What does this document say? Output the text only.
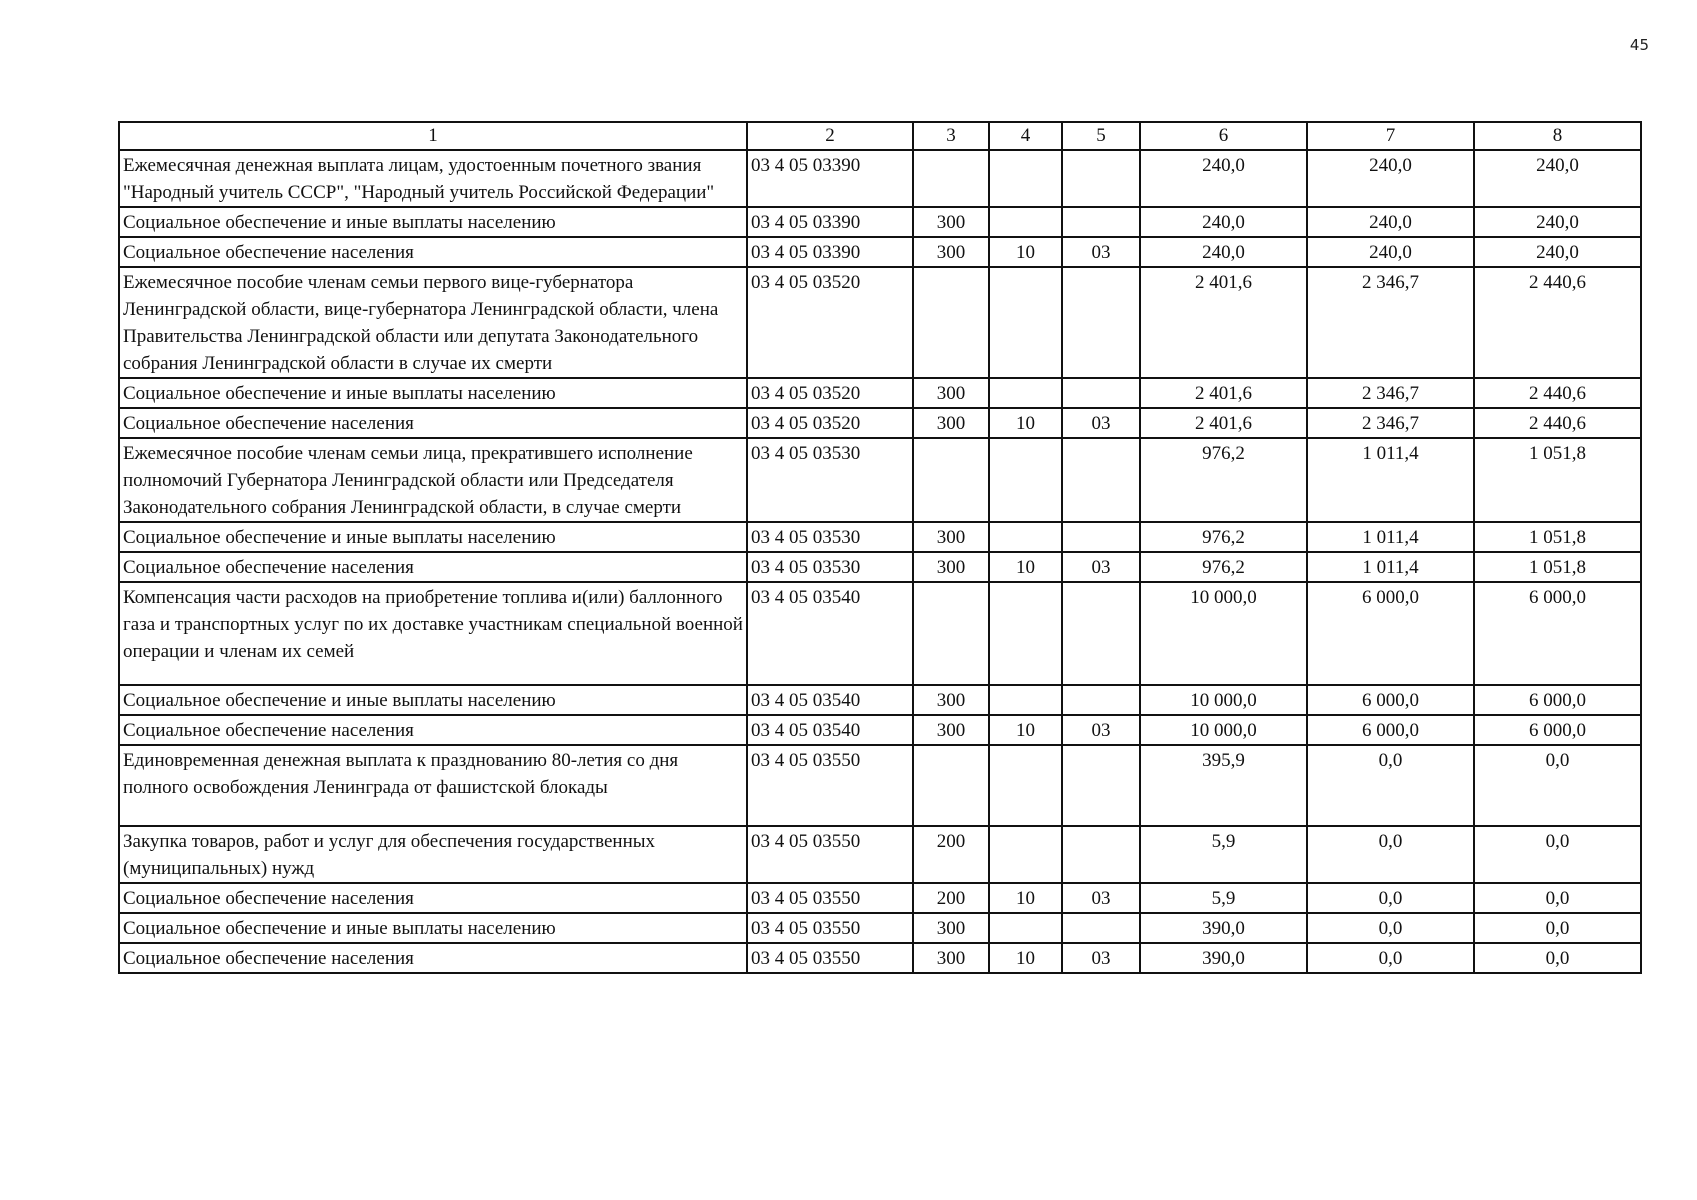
45
1	2	3	4	5	6	7	8
Ежемесячная денежная выплата лицам, удостоенным почетного звания "Народный учитель СССР", "Народный учитель Российской Федерации"	03 4 05 03390				240,0	240,0	240,0
Социальное обеспечение и иные выплаты населению	03 4 05 03390	300			240,0	240,0	240,0
Социальное обеспечение населения	03 4 05 03390	300	10	03	240,0	240,0	240,0
Ежемесячное пособие членам семьи первого вице-губернатора Ленинградской области, вице-губернатора Ленинградской области, члена Правительства Ленинградской области или депутата Законодательного собрания Ленинградской области в случае их смерти	03 4 05 03520				2 401,6	2 346,7	2 440,6
Социальное обеспечение и иные выплаты населению	03 4 05 03520	300			2 401,6	2 346,7	2 440,6
Социальное обеспечение населения	03 4 05 03520	300	10	03	2 401,6	2 346,7	2 440,6
Ежемесячное пособие членам семьи лица, прекратившего исполнение полномочий Губернатора Ленинградской области или Председателя Законодательного собрания Ленинградской области, в случае смерти	03 4 05 03530				976,2	1 011,4	1 051,8
Социальное обеспечение и иные выплаты населению	03 4 05 03530	300			976,2	1 011,4	1 051,8
Социальное обеспечение населения	03 4 05 03530	300	10	03	976,2	1 011,4	1 051,8
Компенсация части расходов на приобретение топлива и(или) баллонного газа и транспортных услуг по их доставке участникам специальной военной операции и членам их семей	03 4 05 03540				10 000,0	6 000,0	6 000,0
Социальное обеспечение и иные выплаты населению	03 4 05 03540	300			10 000,0	6 000,0	6 000,0
Социальное обеспечение населения	03 4 05 03540	300	10	03	10 000,0	6 000,0	6 000,0
Единовременная денежная выплата к празднованию 80-летия со дня полного освобождения Ленинграда от фашистской блокады	03 4 05 03550				395,9	0,0	0,0
Закупка товаров, работ и услуг для обеспечения государственных (муниципальных) нужд	03 4 05 03550	200			5,9	0,0	0,0
Социальное обеспечение населения	03 4 05 03550	200	10	03	5,9	0,0	0,0
Социальное обеспечение и иные выплаты населению	03 4 05 03550	300			390,0	0,0	0,0
Социальное обеспечение населения	03 4 05 03550	300	10	03	390,0	0,0	0,0
